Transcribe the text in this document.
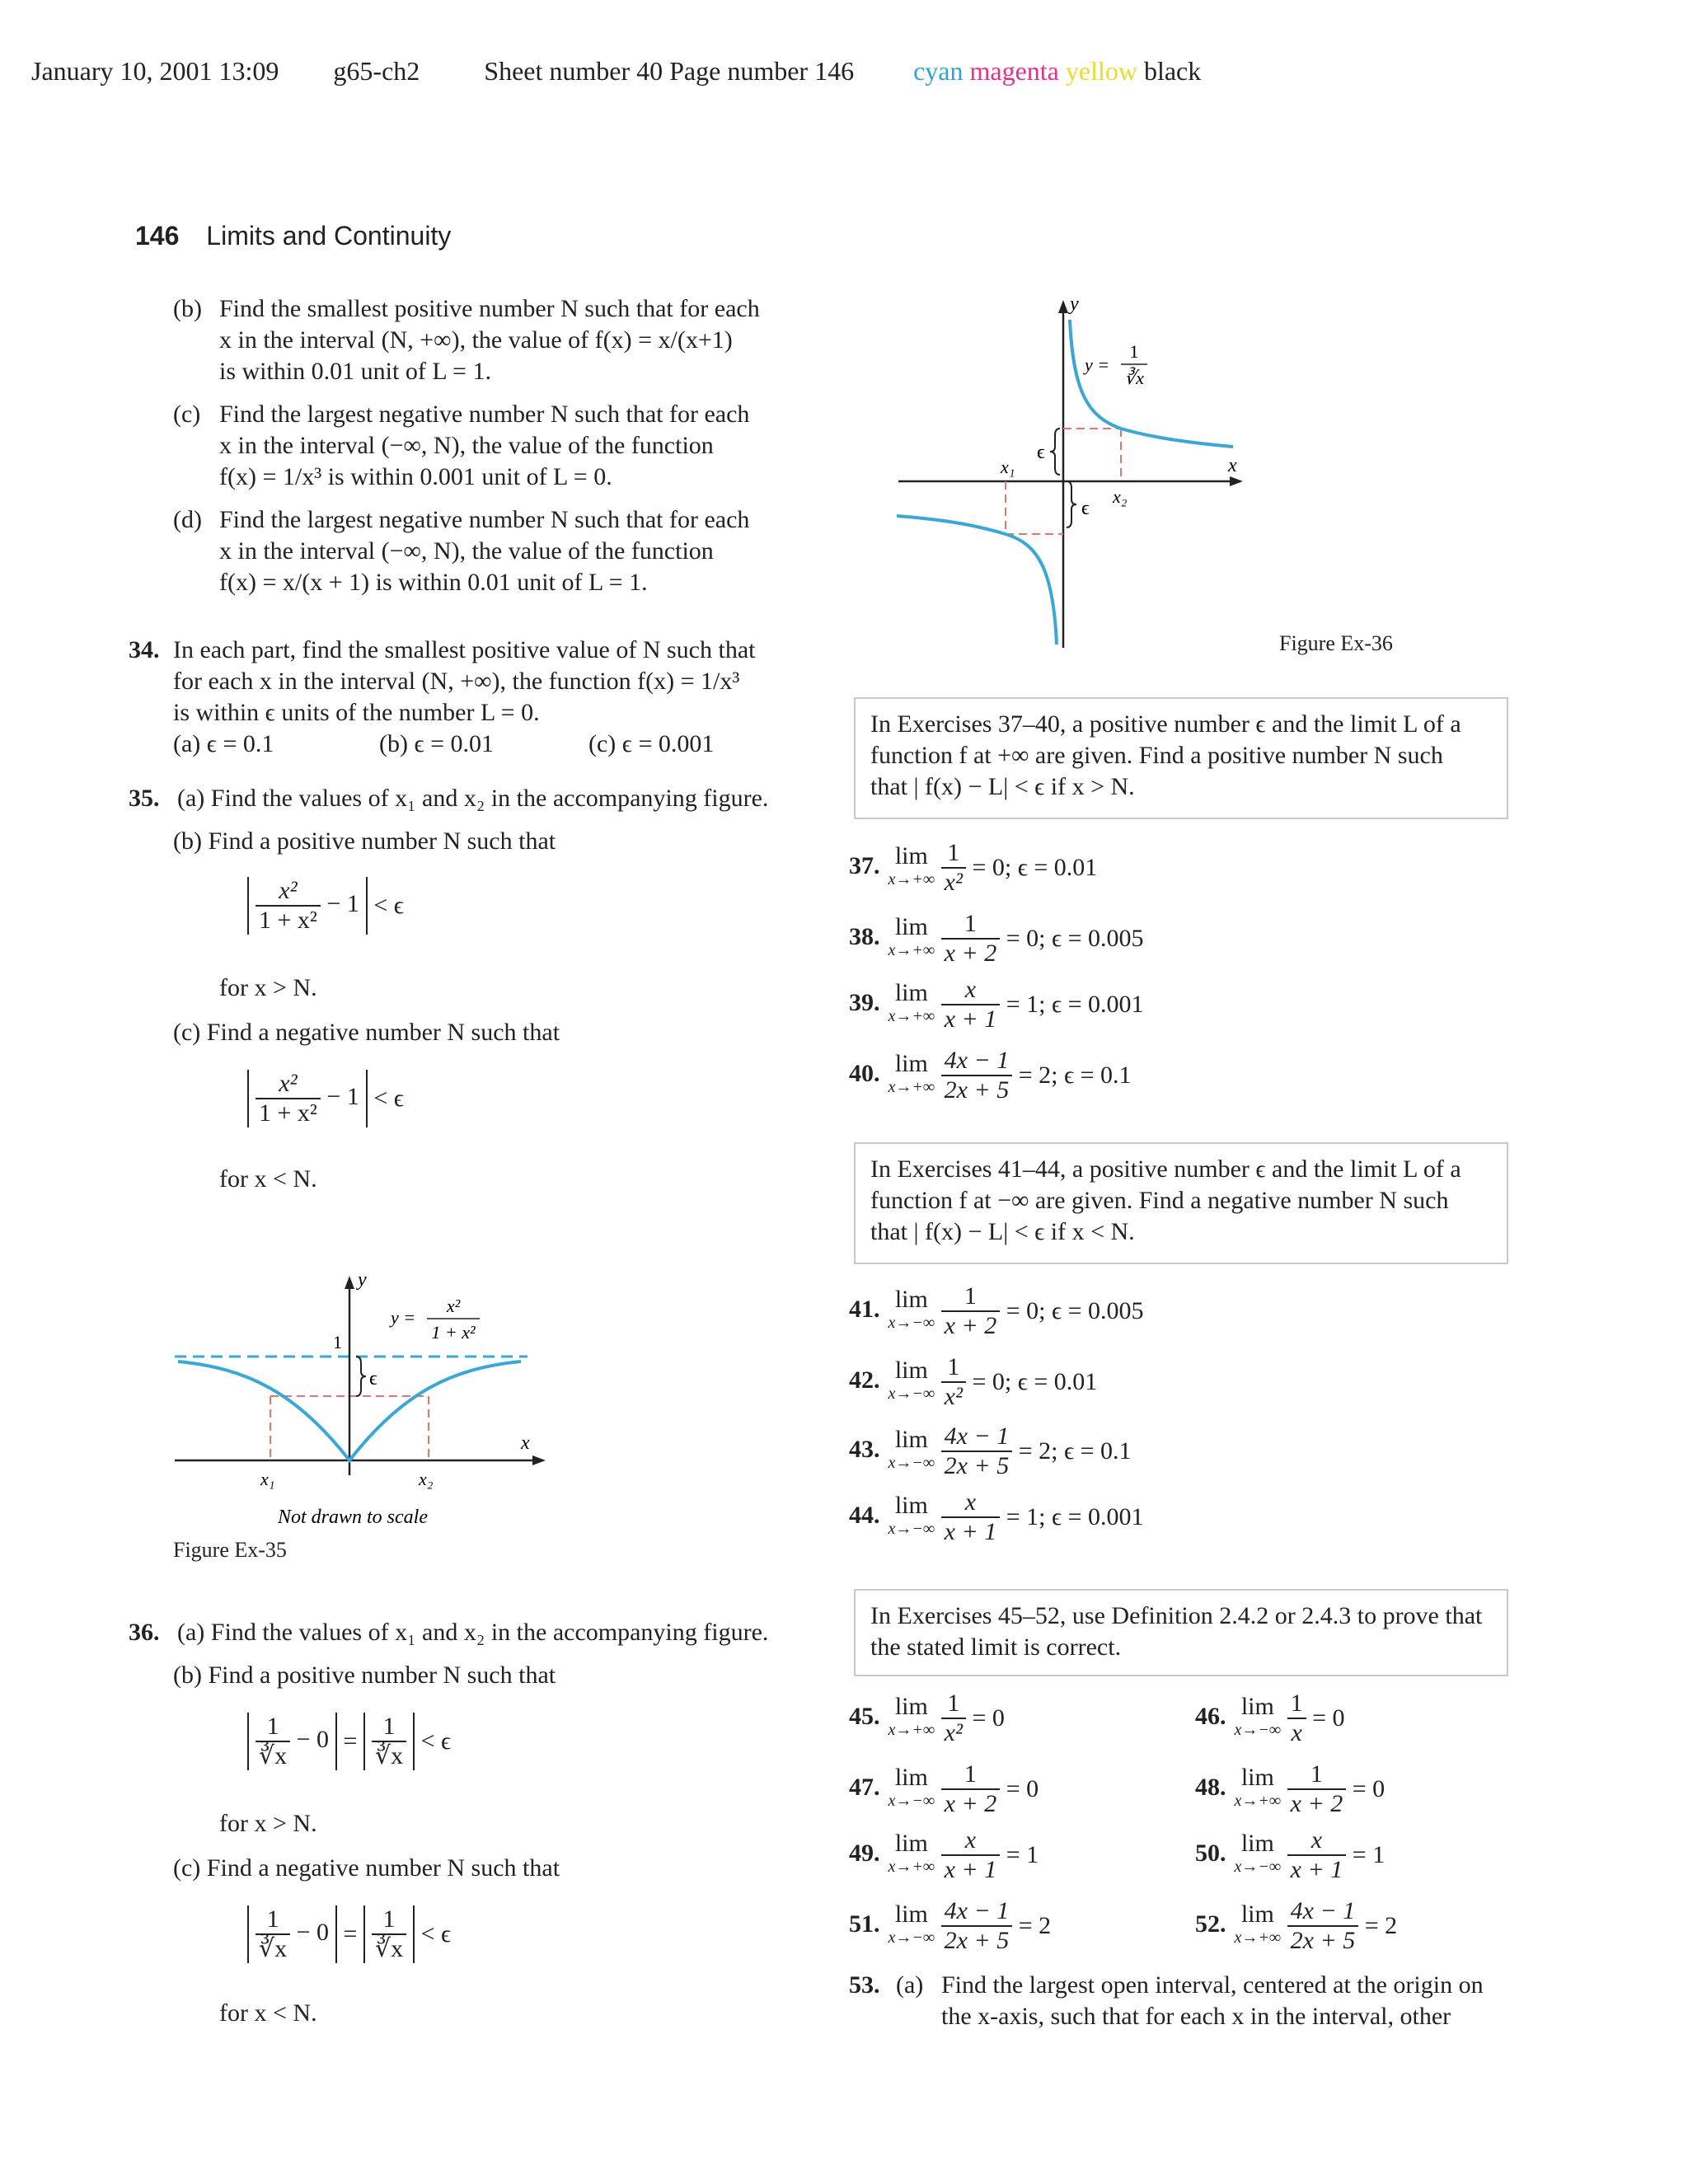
January 10, 2001 13:09 g65-ch2 Sheet number 40 Page number 146 cyan magenta yellow black
146 Limits and Continuity
(b) Find the smallest positive number N such that for each
x in the interval (N, +∞), the value of f(x) = x/(x+1)
is within 0.01 unit of L = 1.
(c) Find the largest negative number N such that for each
x in the interval (−∞, N), the value of the function
f(x) = 1/x³ is within 0.001 unit of L = 0.
(d) Find the largest negative number N such that for each
x in the interval (−∞, N), the value of the function
f(x) = x/(x + 1) is within 0.01 unit of L = 1.
34. In each part, find the smallest positive value of N such that
for each x in the interval (N, +∞), the function f(x) = 1/x³
is within ϵ units of the number L = 0.
(a) ϵ = 0.1	(b) ϵ = 0.01	(c) ϵ = 0.001
35. (a) Find the values of x₁ and x₂ in the accompanying figure.
(b) Find a positive number N such that
$\frac{\text{x²}}{\text{1 + x²}} - 1 < \epsilon$
for x > N.
(c) Find a negative number N such that
$\frac{\text{x²}}{\text{1 + x²}} - 1 < \epsilon$
for x < N.
y
1
ϵ
x
x₁	x₂
y =
x²
1 + x²
Not drawn to scale
Figure Ex-35
36. (a) Find the values of x₁ and x₂ in the accompanying figure.
(b) Find a positive number N such that
$\frac{1}{∛x} - 0 = \frac{1}{∛x} < \epsilon$
for x > N.
(c) Find a negative number N such that
$\frac{1}{∛x} - 0 = \frac{1}{∛x} < \epsilon$
for x < N.
y
y =
1
∛x
ϵ
ϵ
x₁
x₂
x
Figure Ex-36
In Exercises 37–40, a positive number ϵ and the limit L of a
function f at +∞ are given. Find a positive number N such
that | f(x) − L| < ϵ if x > N.
37. lim
x→+∞
$\frac{1}{\text{x²}} = 0$; ϵ = 0.01
38. lim
x→+∞
$\frac{1}{x + 2} = 0$; ϵ = 0.005
39. lim
x→+∞
$\frac{x}{x + 1} = 1$; ϵ = 0.001
40. lim
x→+∞
$\frac{4x - 1}{2x + 5} = 2$; ϵ = 0.1
In Exercises 41–44, a positive number ϵ and the limit L of a
function f at −∞ are given. Find a negative number N such
that | f(x) − L| < ϵ if x < N.
41. lim
x→−∞
$\frac{1}{x + 2} = 0$; ϵ = 0.005
42. lim
x→−∞
$\frac{1}{\text{x²}} = 0$; ϵ = 0.01
43. lim
x→−∞
$\frac{4x - 1}{2x + 5} = 2$; ϵ = 0.1
44. lim
x→−∞
$\frac{x}{x + 1} = 1$; ϵ = 0.001
In Exercises 45–52, use Definition 2.4.2 or 2.4.3 to prove that
the stated limit is correct.
45. lim
x→+∞
$\frac{1}{\text{x²}} = 0$	46. lim
x→−∞
$\frac{1}{x} = 0$
47. lim
x→−∞
$\frac{1}{x + 2} = 0$	48. lim
x→+∞
$\frac{1}{x + 2} = 0$
49. lim
x→+∞
$\frac{x}{x + 1} = 1$	50. lim
x→−∞
$\frac{x}{x + 1} = 1$
51. lim
x→−∞
$\frac{4x - 1}{2x + 5} = 2$	52. lim
x→+∞
$\frac{4x - 1}{2x + 5} = 2$
53. (a) Find the largest open interval, centered at the origin on
the x-axis, such that for each x in the interval, other
